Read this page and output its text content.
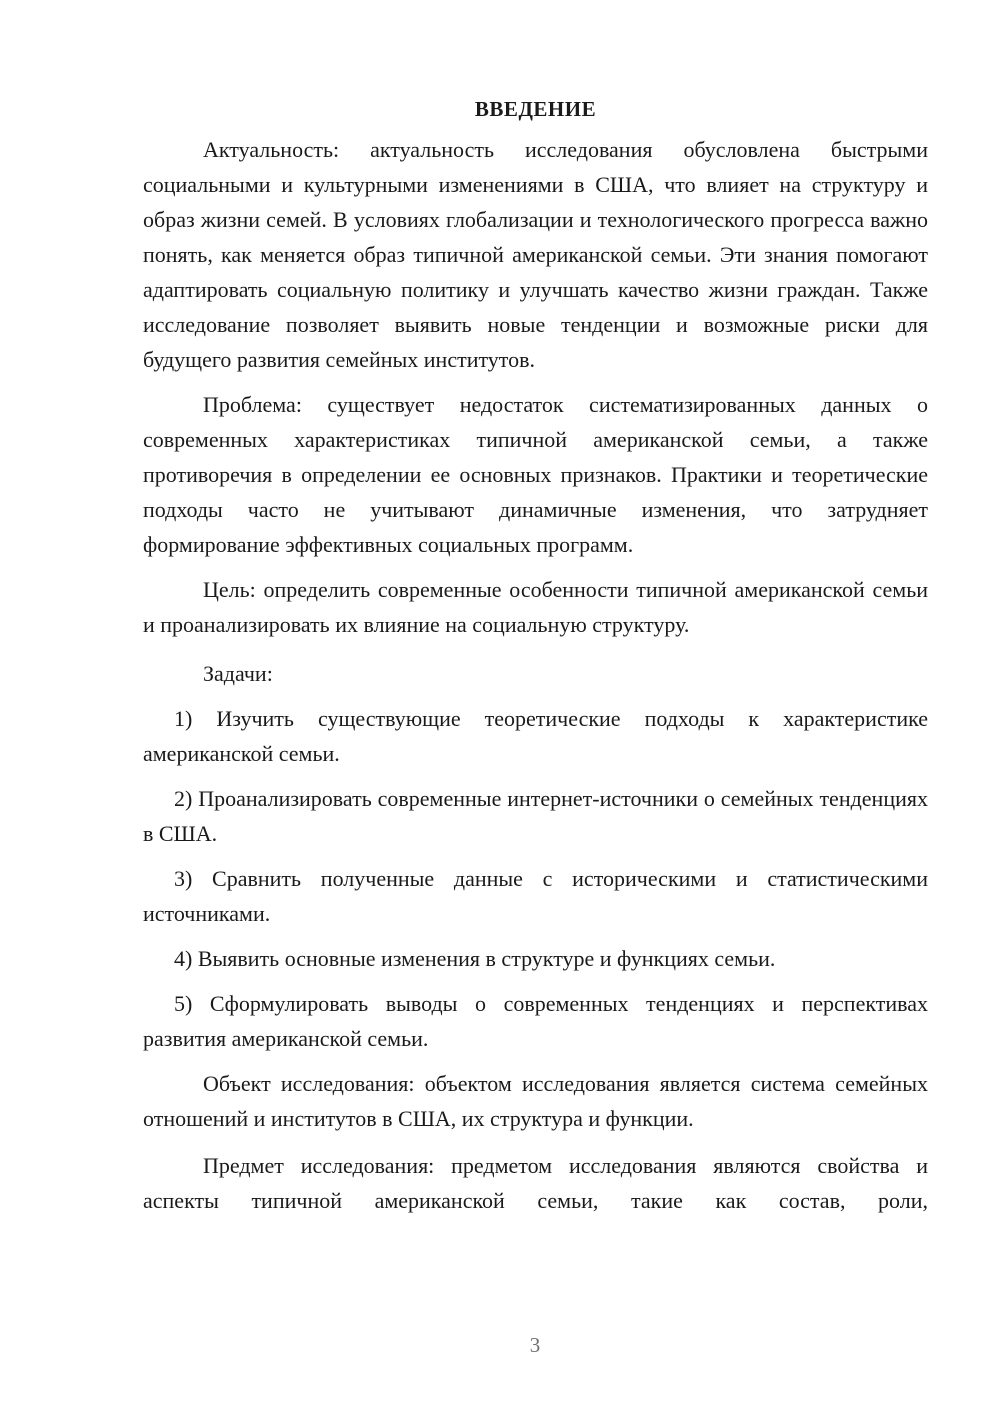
ВВЕДЕНИЕ

Актуальность: актуальность исследования обусловлена быстрыми социальными и культурными изменениями в США, что влияет на структуру и образ жизни семей. В условиях глобализации и технологического прогресса важно понять, как меняется образ типичной американской семьи. Эти знания помогают адаптировать социальную политику и улучшать качество жизни граждан. Также исследование позволяет выявить новые тенденции и возможные риски для будущего развития семейных институтов.

Проблема: существует недостаток систематизированных данных о современных характеристиках типичной американской семьи, а также противоречия в определении ее основных признаков. Практики и теоретические подходы часто не учитывают динамичные изменения, что затрудняет формирование эффективных социальных программ.

Цель: определить современные особенности типичной американской семьи и проанализировать их влияние на социальную структуру.

Задачи:

1) Изучить существующие теоретические подходы к характеристике американской семьи.

2) Проанализировать современные интернет-источники о семейных тенденциях в США.

3) Сравнить полученные данные с историческими и статистическими источниками.

4) Выявить основные изменения в структуре и функциях семьи.

5) Сформулировать выводы о современных тенденциях и перспективах развития американской семьи.

Объект исследования: объектом исследования является система семейных отношений и институтов в США, их структура и функции.

Предмет исследования: предметом исследования являются свойства и аспекты типичной американской семьи, такие как состав, роли,

3
